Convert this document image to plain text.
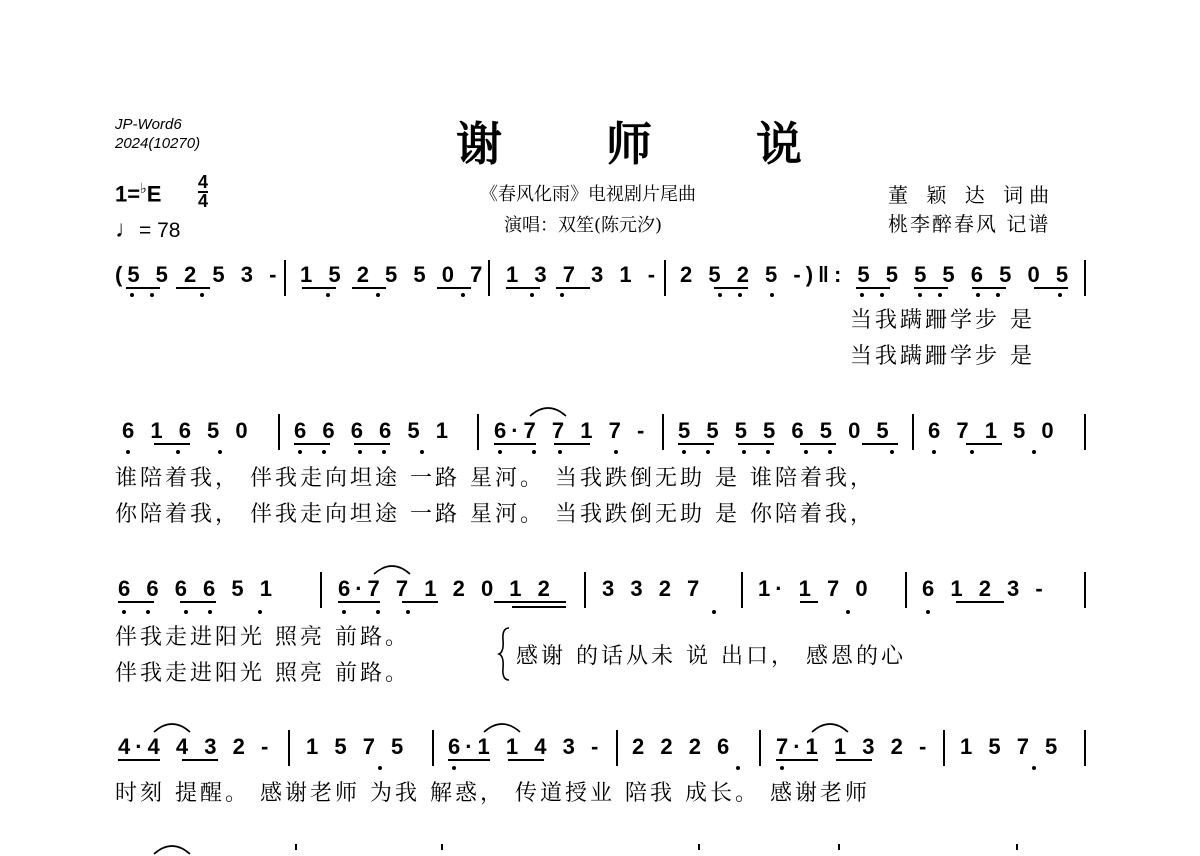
JP-Word6
2024(10270)	谢 师 说
《春风化雨》电视剧片尾曲
演唱：双笙(陈元汐)
董 颖 达 词曲
桃李醉春风 记谱
1=♭E 4
4
♩= 78
(5 5 2 5 3 - 1 5 2 5 5 0 7 1 3 7 3 1 - 2 5 2 5 -) ‖: 5 5 5 5 6 5 0 5
当我蹒跚学步 是
当我蹒跚学步 是
6 1 6 5 0 6 6 6 6 5 1 6·7 7 1 7 - 5 5 5 5 6 5 0 5 6 7 1 5 0
谁陪着我， 伴我走向坦途 一路 星河。 当我跌倒无助 是 谁陪着我，
你陪着我， 伴我走向坦途 一路 星河。 当我跌倒无助 是 你陪着我，
6 6 6 6 5 1	6·7 7 1 2 0 1 2 3 3 2 7 1· 1 7 0 6 1 2 3 -
伴我走进阳光 照亮 前路。
伴我走进阳光 照亮 前路。
感谢 的话从未 说 出口， 感恩的心
4·4 4 3 2 - 1 5 7 5 6·1 1 4 3 - 2 2 2 6 7·1 1 3 2 - 1 5 7 5
时刻 提醒。 感谢老师 为我 解惑， 传道授业 陪我 成长。 感谢老师
